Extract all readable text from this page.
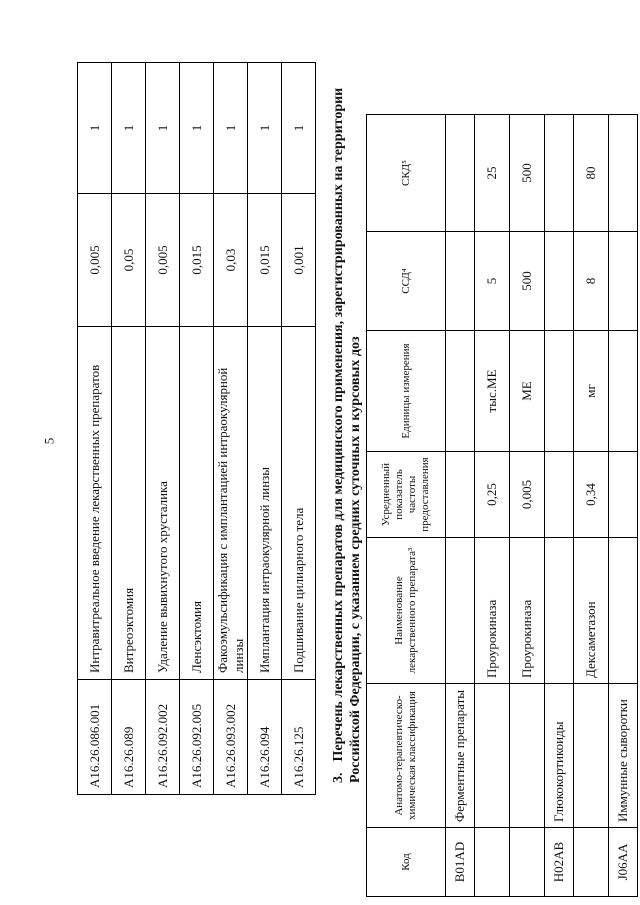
5
A16.26.086.001	Интравитреальное введение лекарственных препаратов	0,005	1
A16.26.089	Витреоэктомия	0,05	1
A16.26.092.002	Удаление вывихнутого хрусталика	0,005	1
A16.26.092.005	Ленсэктомия	0,015	1
A16.26.093.002	Факоэмульсификация с имплантацией интраокулярной линзы	0,03	1
A16.26.094	Имплантация интраокулярной линзы	0,015	1
A16.26.125	Подшивание цилиарного тела	0,001	1
3. Перечень лекарственных препаратов для медицинского применения, зарегистрированных на территории Российской Федерации, с указанием средних суточных и курсовых доз
Код	Анатомо-терапевтическо-химическая классификация	Наименование лекарственного препарата³	Усредненный показатель частоты предоставления	Единицы измерения	ССД⁴	СКД⁵
B01AD	Ферментные препараты					
		Проурокиназа	0,25	тыс.МЕ	5	25
		Проурокиназа	0,005	МЕ	500	500
H02AB	Глюкокортикоиды					
		Дексаметазон	0,34	мг	8	80
J06AA	Иммунные сыворотки					
